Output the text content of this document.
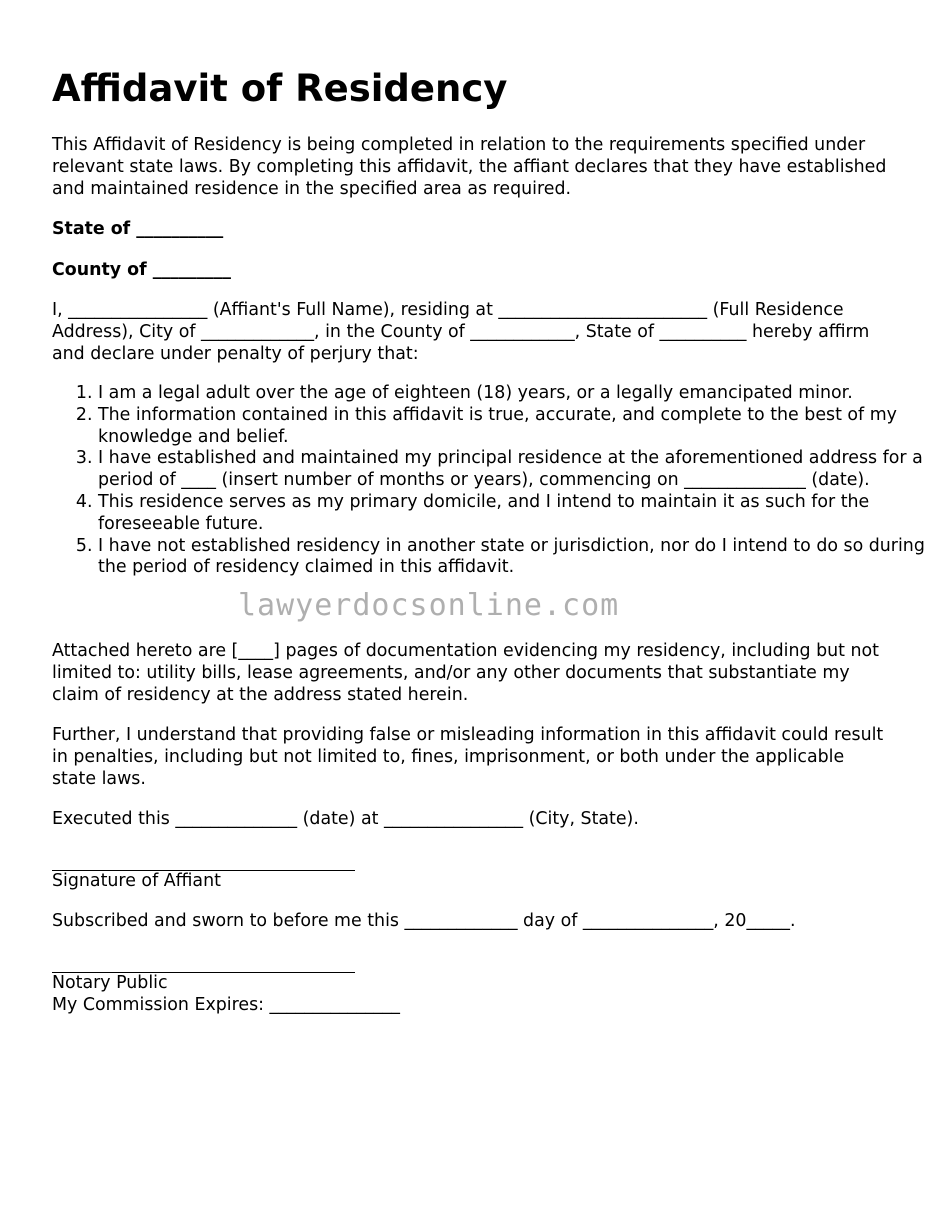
Affidavit of Residency

This Affidavit of Residency is being completed in relation to the requirements specified under relevant state laws. By completing this affidavit, the affiant declares that they have established and maintained residence in the specified area as required.

State of __________

County of _________

I, ________________ (Affiant's Full Name), residing at ________________________ (Full Residence Address), City of _____________, in the County of ____________, State of __________ hereby affirm and declare under penalty of perjury that:

1. I am a legal adult over the age of eighteen (18) years, or a legally emancipated minor.
2. The information contained in this affidavit is true, accurate, and complete to the best of my knowledge and belief.
3. I have established and maintained my principal residence at the aforementioned address for a period of ____ (insert number of months or years), commencing on ______________ (date).
4. This residence serves as my primary domicile, and I intend to maintain it as such for the foreseeable future.
5. I have not established residency in another state or jurisdiction, nor do I intend to do so during the period of residency claimed in this affidavit.

Attached hereto are [____] pages of documentation evidencing my residency, including but not limited to: utility bills, lease agreements, and/or any other documents that substantiate my claim of residency at the address stated herein.

Further, I understand that providing false or misleading information in this affidavit could result in penalties, including but not limited to, fines, imprisonment, or both under the applicable state laws.

Executed this ______________ (date) at ________________ (City, State).

Signature of Affiant

Subscribed and sworn to before me this _____________ day of _______________, 20_____.

Notary Public

My Commission Expires: _______________

lawyerdocsonline.com
